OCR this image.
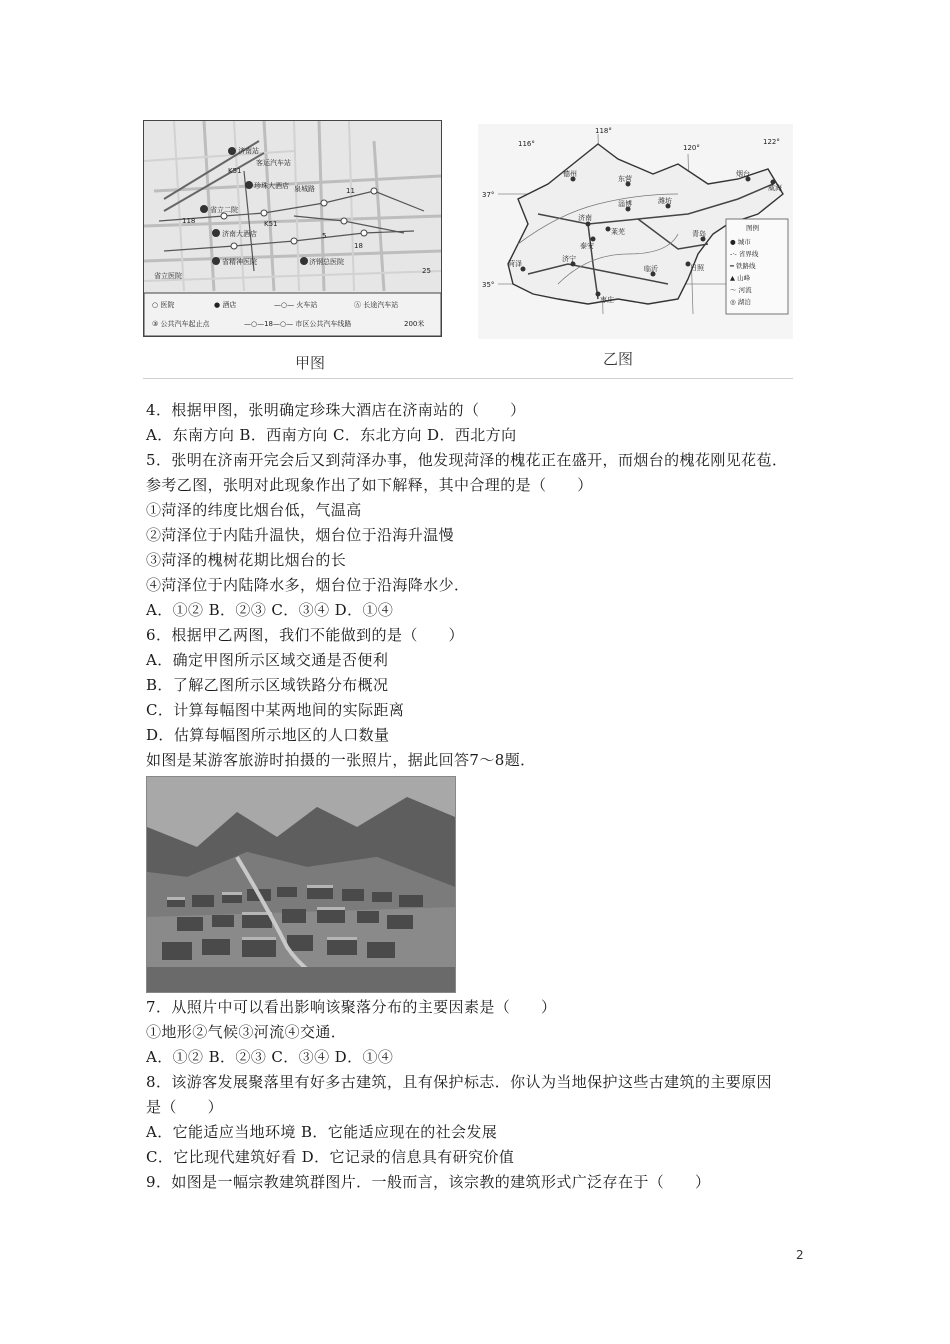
济南站
客运汽车站
珍珠大酒店 泉城路
省立二院
济南大酒店
省精神医院	济钢总医院
省立医院
K51
K51
118
11
5
18
25
○ 医院	● 酒店	—○— 火车站	Ⓐ 长途汽车站
③ 公共汽车起止点	—○—18—○— 市区公共汽车线路	200米
118°
120°
122°
116°
37°
35°
济南
德州
东营
烟台
威海
潍坊
淄博
青岛
菏泽
济宁
临沂	日照
莱芜
泰安
枣庄
图例
● 城市
-·- 省界线
━ 铁路线
▲ 山峰
～ 河流
◎ 湖泊
甲图	乙图
4．根据甲图，张明确定珍珠大酒店在济南站的（　　）
A．东南方向 B．西南方向 C．东北方向 D．西北方向
5．张明在济南开完会后又到菏泽办事，他发现菏泽的槐花正在盛开，而烟台的槐花刚见花苞．
参考乙图，张明对此现象作出了如下解释，其中合理的是（　　）
①菏泽的纬度比烟台低，气温高
②菏泽位于内陆升温快，烟台位于沿海升温慢
③菏泽的槐树花期比烟台的长
④菏泽位于内陆降水多，烟台位于沿海降水少．
A．①② B．②③ C．③④ D．①④
6．根据甲乙两图，我们不能做到的是（　　）
A．确定甲图所示区域交通是否便利
B．了解乙图所示区域铁路分布概况
C．计算每幅图中某两地间的实际距离
D．估算每幅图所示地区的人口数量
如图是某游客旅游时拍摄的一张照片，据此回答7～8题．
7．从照片中可以看出影响该聚落分布的主要因素是（　　）
①地形②气候③河流④交通．
A．①② B．②③ C．③④ D．①④
8．该游客发展聚落里有好多古建筑，且有保护标志．你认为当地保护这些古建筑的主要原因
是（　　）
A．它能适应当地环境 B．它能适应现在的社会发展
C．它比现代建筑好看 D．它记录的信息具有研究价值
9．如图是一幅宗教建筑群图片．一般而言，该宗教的建筑形式广泛存在于（　　）
2
